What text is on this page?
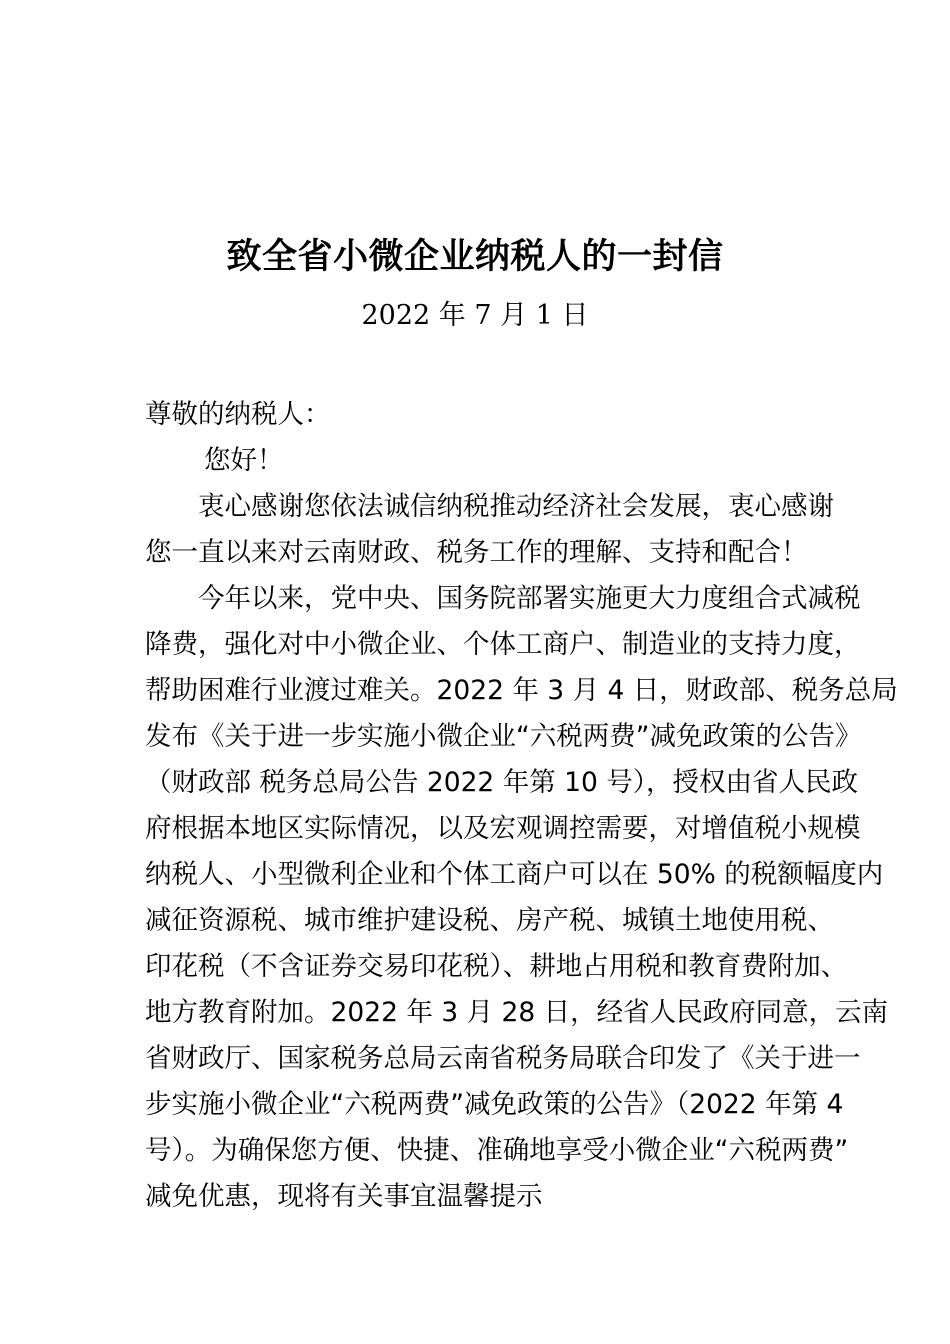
致全省小微企业纳税人的一封信
2022 年 7 月 1 日
尊敬的纳税人：
　　您好！
　　衷心感谢您依法诚信纳税推动经济社会发展，衷心感谢
您一直以来对云南财政、税务工作的理解、支持和配合！
　　今年以来，党中央、国务院部署实施更大力度组合式减税
降费，强化对中小微企业、个体工商户、制造业的支持力度，
帮助困难行业渡过难关。2022 年 3 月 4 日，财政部、税务总局
发布《关于进一步实施小微企业“六税两费”减免政策的公告》
（财政部 税务总局公告 2022 年第 10 号），授权由省人民政
府根据本地区实际情况，以及宏观调控需要，对增值税小规模
纳税人、小型微利企业和个体工商户可以在 50% 的税额幅度内
减征资源税、城市维护建设税、房产税、城镇土地使用税、
印花税（不含证券交易印花税）、耕地占用税和教育费附加、
地方教育附加。2022 年 3 月 28 日，经省人民政府同意，云南
省财政厅、国家税务总局云南省税务局联合印发了《关于进一
步实施小微企业“六税两费”减免政策的公告》（2022 年第 4
号）。为确保您方便、快捷、准确地享受小微企业“六税两费”
减免优惠，现将有关事宜温馨提示
